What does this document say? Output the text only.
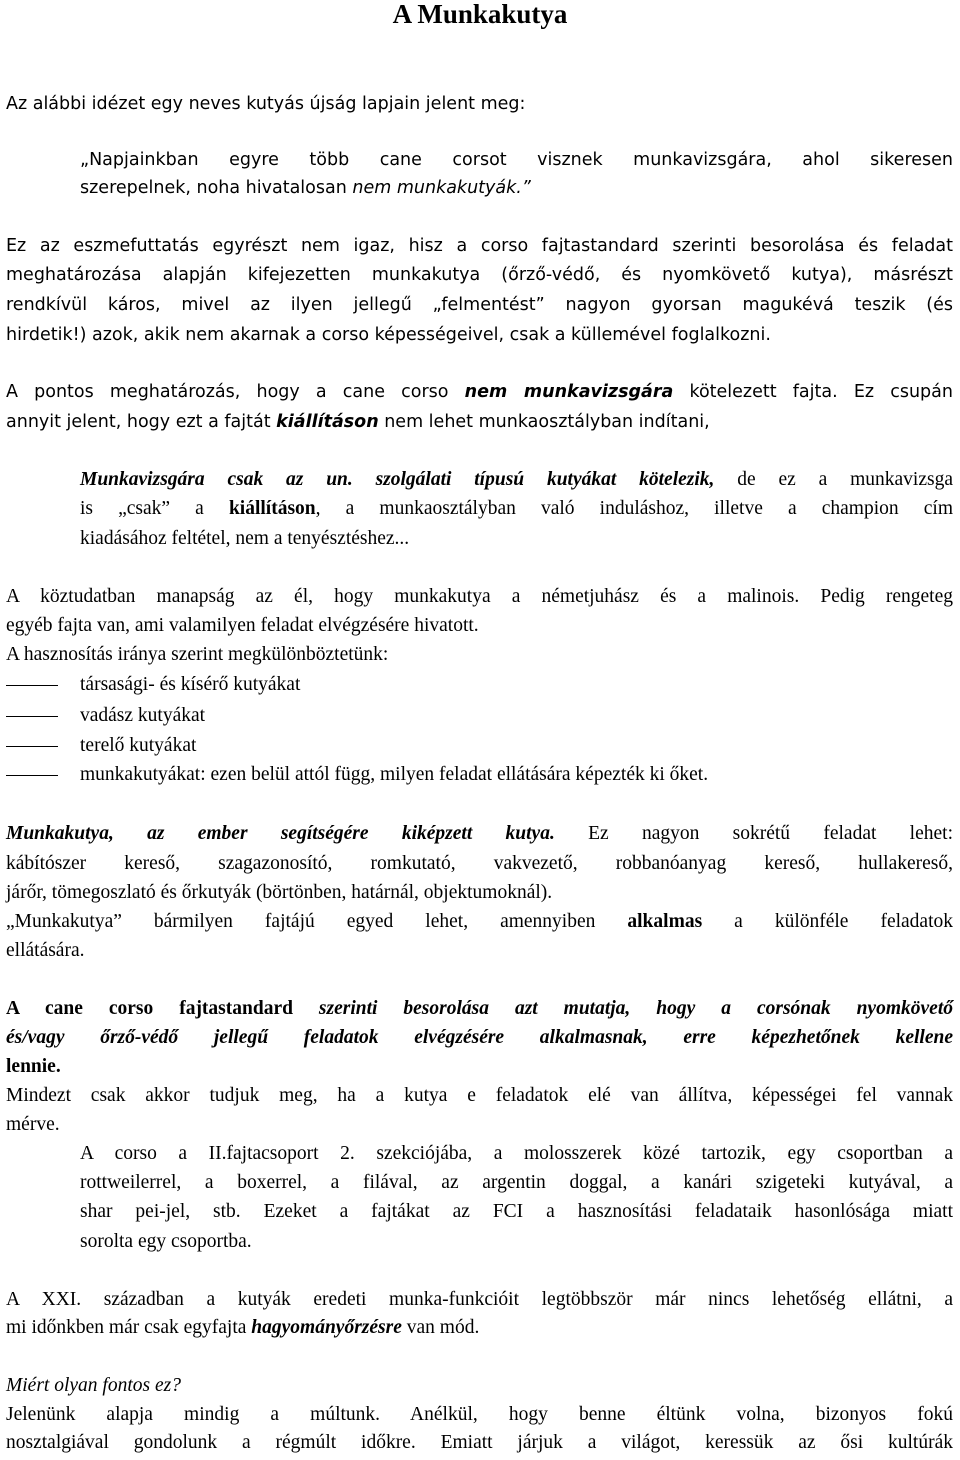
A Munkakutya

Az alábbi idézet egy neves kutyás újság lapjain jelent meg:

„Napjainkban egyre több cane corsot visznek munkavizsgára, ahol sikeresen

szerepelnek, noha hivatalosan nem munkakutyák.”

Ez az eszmefuttatás egyrészt nem igaz, hisz a corso fajtastandard szerinti besorolása és feladat

meghatározása alapján kifejezetten munkakutya (őrző-védő, és nyomkövető kutya), másrészt

rendkívül káros, mivel az ilyen jellegű „felmentést” nagyon gyorsan magukévá teszik (és

hirdetik!) azok, akik nem akarnak a corso képességeivel, csak a küllemével foglalkozni.

A pontos meghatározás, hogy a cane corso nem munkavizsgára kötelezett fajta. Ez csupán

annyit jelent, hogy ezt a fajtát kiállításon nem lehet munkaosztályban indítani,

Munkavizsgára csak az un. szolgálati típusú kutyákat kötelezik, de ez a munkavizsga

is „csak” a kiállításon, a munkaosztályban való induláshoz, illetve a champion cím

kiadásához feltétel, nem a tenyésztéshez...

A köztudatban manapság az él, hogy munkakutya a németjuhász és a malinois. Pedig rengeteg

egyéb fajta van, ami valamilyen feladat elvégzésére hivatott.

A hasznosítás iránya szerint megkülönböztetünk:

társasági- és kísérő kutyákat
vadász kutyákat
terelő kutyákat
munkakutyákat: ezen belül attól függ, milyen feladat ellátására képezték ki őket.

Munkakutya, az ember segítségére kiképzett kutya. Ez nagyon sokrétű feladat lehet:

kábítószer kereső, szagazonosító, romkutató, vakvezető, robbanóanyag kereső, hullakereső,

járőr, tömegoszlató és őrkutyák (börtönben, határnál, objektumoknál).

„Munkakutya” bármilyen fajtájú egyed lehet, amennyiben alkalmas a különféle feladatok

ellátására.

A cane corso fajtastandard szerinti besorolása azt mutatja, hogy a corsónak nyomkövető

és/vagy őrző-védő jellegű feladatok elvégzésére alkalmasnak, erre képezhetőnek kellene

lennie.

Mindezt csak akkor tudjuk meg, ha a kutya e feladatok elé van állítva, képességei fel vannak

mérve.

A corso a II.fajtacsoport 2. szekciójába, a molosszerek közé tartozik, egy csoportban a

rottweilerrel, a boxerrel, a filával, az argentin doggal, a kanári szigeteki kutyával, a

shar pei-jel, stb. Ezeket a fajtákat az FCI a hasznosítási feladataik hasonlósága miatt

sorolta egy csoportba.

A XXI. században a kutyák eredeti munka-funkcióit legtöbbször már nincs lehetőség ellátni, a

mi időnkben már csak egyfajta hagyományőrzésre van mód.

Miért olyan fontos ez?

Jelenünk alapja mindig a múltunk. Anélkül, hogy benne éltünk volna, bizonyos fokú

nosztalgiával gondolunk a régmúlt időkre. Emiatt járjuk a világot, keressük az ősi kultúrák
